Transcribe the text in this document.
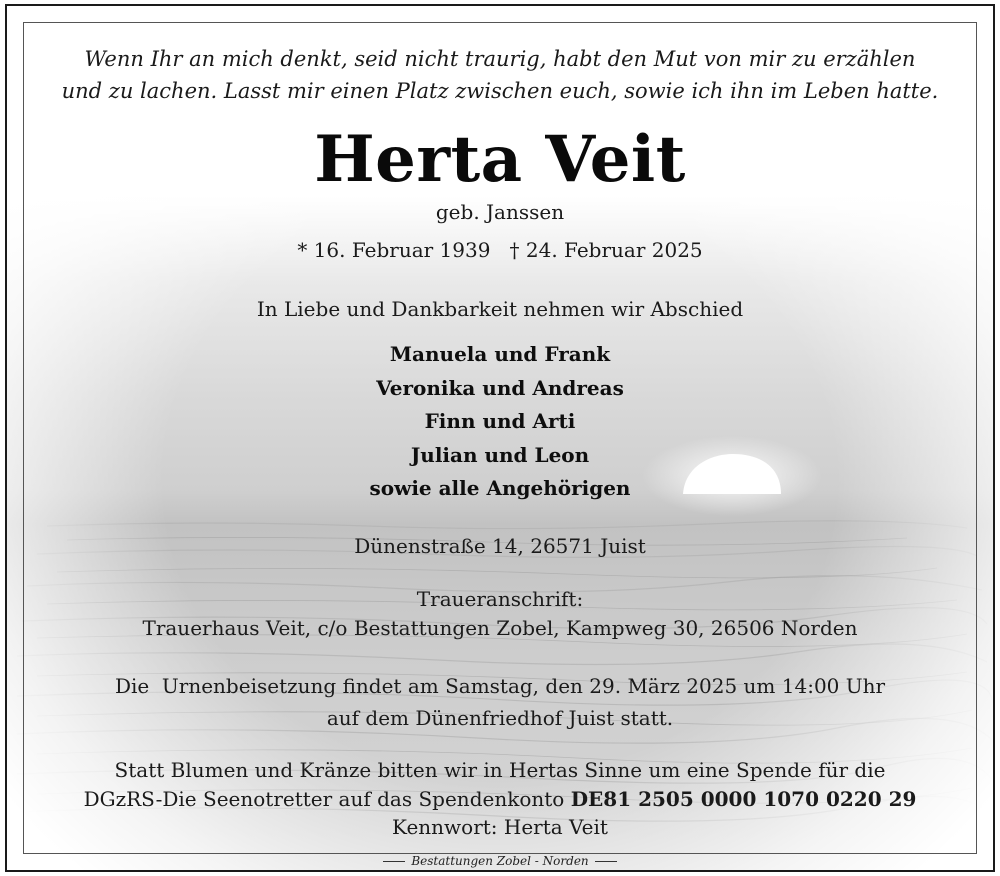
Wenn Ihr an mich denkt, seid nicht traurig, habt den Mut von mir zu erzählen
und zu lachen. Lasst mir einen Platz zwischen euch, sowie ich ihn im Leben hatte.
Herta Veit
geb. Janssen
* 16. Februar 1939   † 24. Februar 2025
In Liebe und Dankbarkeit nehmen wir Abschied
Manuela und Frank
Veronika und Andreas
Finn und Arti
Julian und Leon
sowie alle Angehörigen
Dünenstraße 14, 26571 Juist
Traueranschrift:
Trauerhaus Veit, c/o Bestattungen Zobel, Kampweg 30, 26506 Norden
Die  Urnenbeisetzung findet am Samstag, den 29. März 2025 um 14:00 Uhr
auf dem Dünenfriedhof Juist statt.
Statt Blumen und Kränze bitten wir in Hertas Sinne um eine Spende für die
DGzRS-Die Seenotretter auf das Spendenkonto DE81 2505 0000 1070 0220 29
Kennwort: Herta Veit
Bestattungen Zobel - Norden
